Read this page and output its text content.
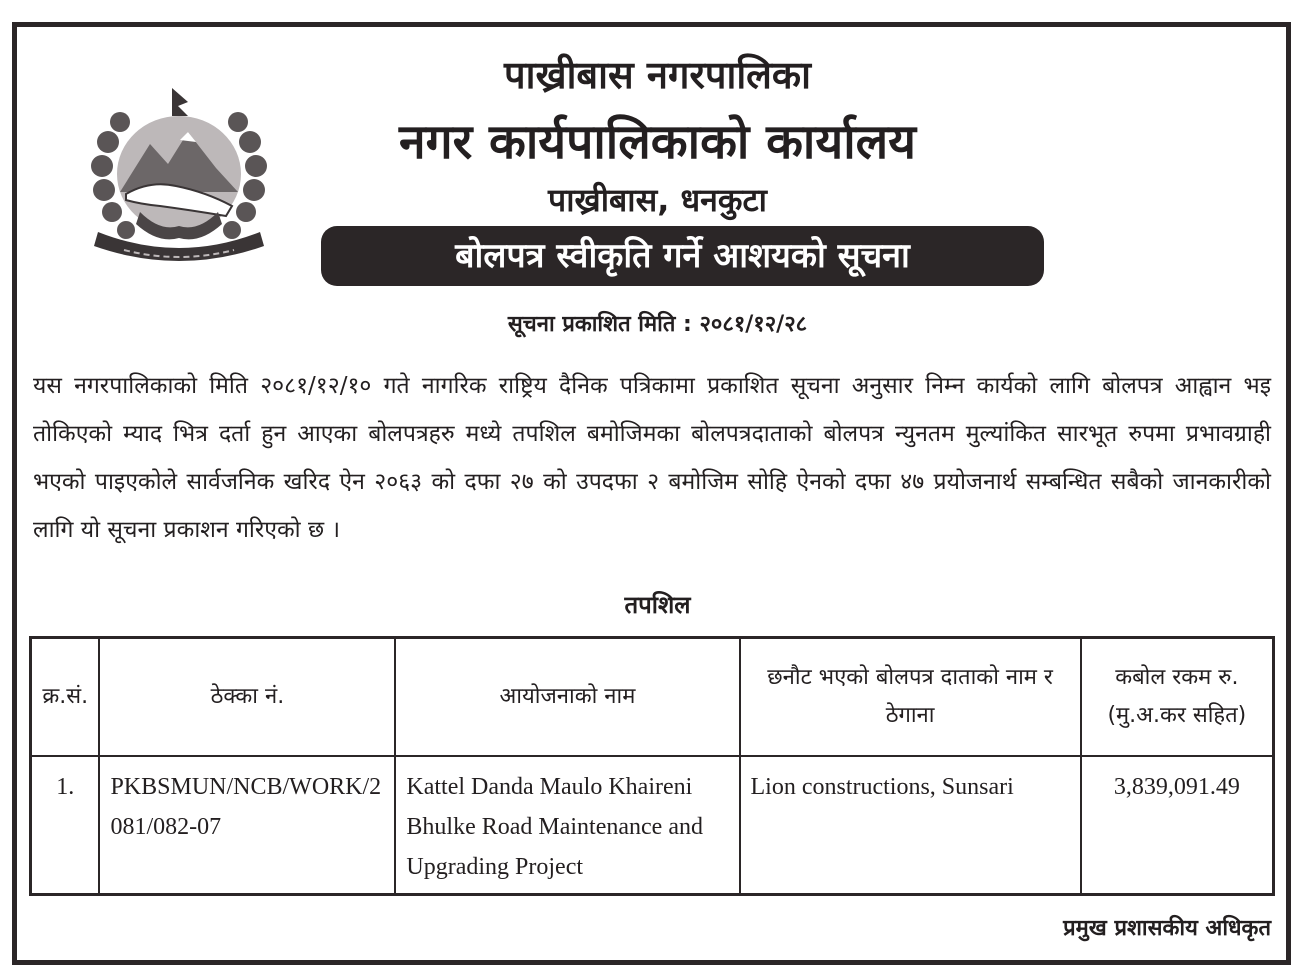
पाख्रीबास नगरपालिका
नगर कार्यपालिकाको कार्यालय
पाख्रीबास, धनकुटा
बोलपत्र स्वीकृति गर्ने आशयको सूचना
सूचना प्रकाशित मिति : २०८१/१२/२८

यस नगरपालिकाको मिति २०८१/१२/१० गते नागरिक राष्ट्रिय दैनिक पत्रिकामा प्रकाशित सूचना अनुसार निम्न कार्यको लागि बोलपत्र आह्वान भइ तोकिएको म्याद भित्र दर्ता हुन आएका बोलपत्रहरु मध्ये तपशिल बमोजिमका बोलपत्रदाताको बोलपत्र न्युनतम मुल्यांकित सारभूत रुपमा प्रभावग्राही भएको पाइएकोले सार्वजनिक खरिद ऐन २०६३ को दफा २७ को उपदफा २ बमोजिम सोहि ऐनको दफा ४७ प्रयोजनार्थ सम्बन्धित सबैको जानकारीको लागि यो सूचना प्रकाशन गरिएको छ ।

तपशिल
क्र.सं.	ठेक्का नं.	आयोजनाको नाम	छनौट भएको बोलपत्र दाताको नाम र ठेगाना	कबोल रकम रु. (मु.अ.कर सहित)
1.	PKBSMUN/NCB/WORK/2081/082-07	Kattel Danda Maulo Khaireni Bhulke Road Maintenance and Upgrading Project	Lion constructions, Sunsari	3,839,091.49
प्रमुख प्रशासकीय अधिकृत
